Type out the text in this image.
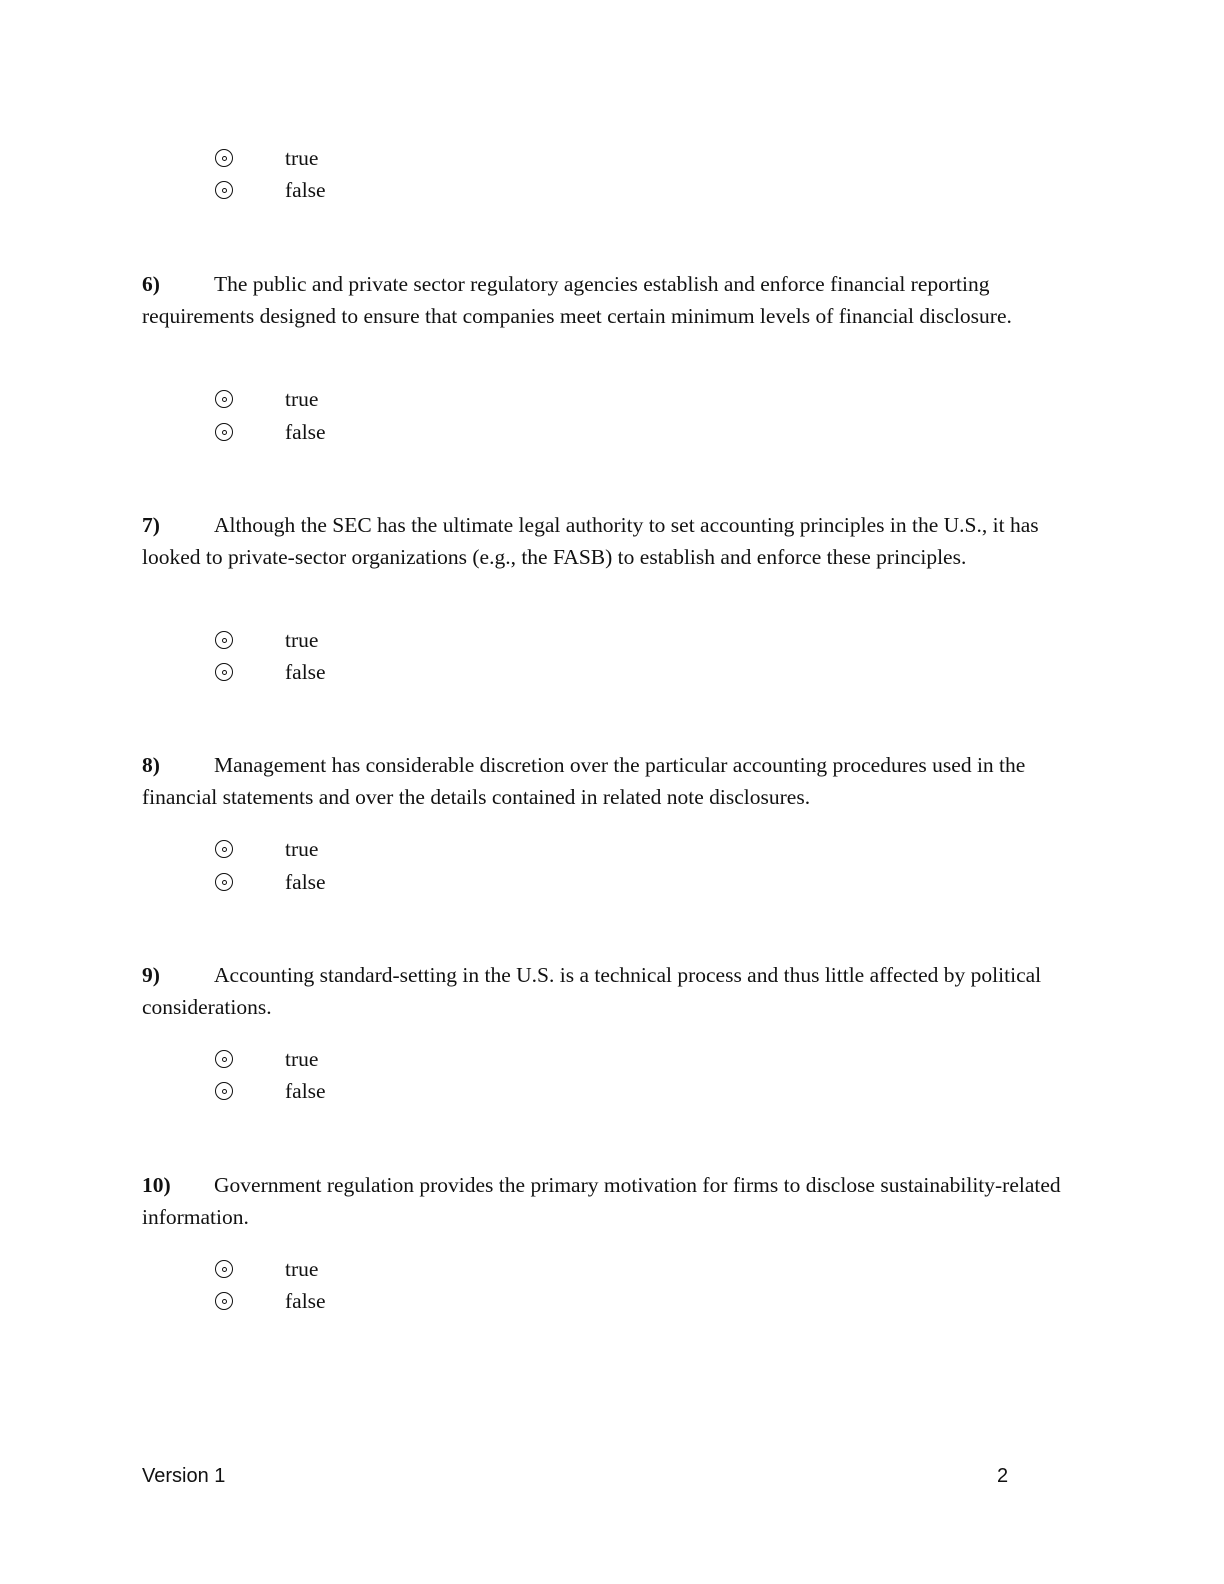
true
false
6)	The public and private sector regulatory agencies establish and enforce financial reporting requirements designed to ensure that companies meet certain minimum levels of financial disclosure.
true
false
7)	Although the SEC has the ultimate legal authority to set accounting principles in the U.S., it has looked to private-sector organizations (e.g., the FASB) to establish and enforce these principles.
true
false
8)	Management has considerable discretion over the particular accounting procedures used in the financial statements and over the details contained in related note disclosures.
true
false
9)	Accounting standard-setting in the U.S. is a technical process and thus little affected by political considerations.
true
false
10) Government regulation provides the primary motivation for firms to disclose sustainability-related information.
true
false
Version 1	2
